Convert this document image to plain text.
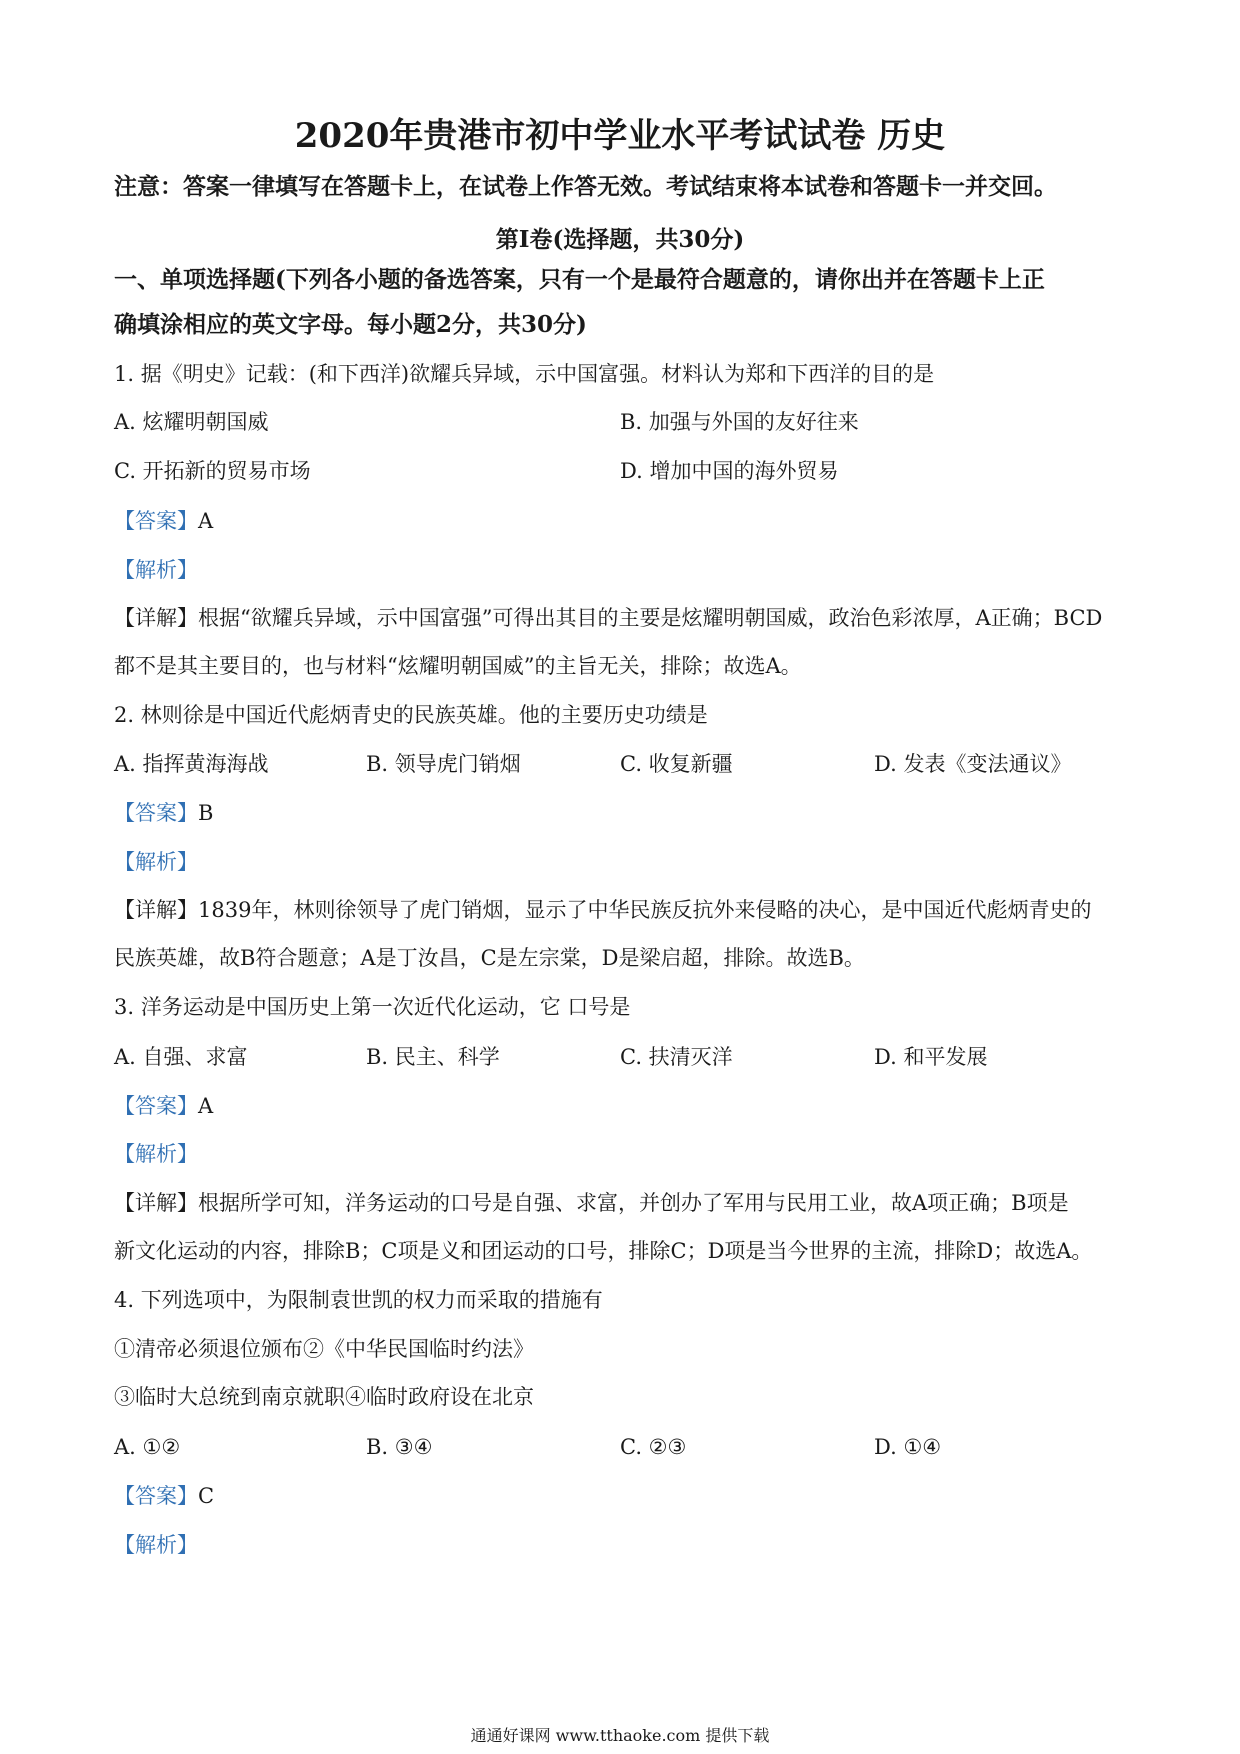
2020年贵港市初中学业水平考试试卷 历史
注意：答案一律填写在答题卡上，在试卷上作答无效。考试结束将本试卷和答题卡一并交回。
第Ⅰ卷(选择题，共30分)
一、单项选择题(下列各小题的备选答案，只有一个是最符合题意的，请你出并在答题卡上正
确填涂相应的英文字母。每小题2分，共30分)
1. 据《明史》记载：(和下西洋)欲耀兵异域，示中国富强。材料认为郑和下西洋的目的是
A. 炫耀明朝国威	B. 加强与外国的友好往来
C. 开拓新的贸易市场	D. 增加中国的海外贸易
【答案】A
【解析】
【详解】根据“欲耀兵异域，示中国富强”可得出其目的主要是炫耀明朝国威，政治色彩浓厚，A正确；BCD
都不是其主要目的，也与材料“炫耀明朝国威”的主旨无关，排除；故选A。
2. 林则徐是中国近代彪炳青史的民族英雄。他的主要历史功绩是
A. 指挥黄海海战	B. 领导虎门销烟	C. 收复新疆	D. 发表《变法通议》
【答案】B
【解析】
【详解】1839年，林则徐领导了虎门销烟，显示了中华民族反抗外来侵略的决心，是中国近代彪炳青史的
民族英雄，故B符合题意；A是丁汝昌，C是左宗棠，D是梁启超，排除。故选B。
3. 洋务运动是中国历史上第一次近代化运动，它 口号是
A. 自强、求富	B. 民主、科学	C. 扶清灭洋	D. 和平发展
【答案】A
【解析】
【详解】根据所学可知，洋务运动的口号是自强、求富，并创办了军用与民用工业，故A项正确；B项是
新文化运动的内容，排除B；C项是义和团运动的口号，排除C；D项是当今世界的主流，排除D；故选A。
4. 下列选项中，为限制袁世凯的权力而采取的措施有
①清帝必须退位颁布②《中华民国临时约法》
③临时大总统到南京就职④临时政府设在北京
A. ①②	B. ③④	C. ②③	D. ①④
【答案】C
【解析】
通通好课网 www.tthaoke.com 提供下载
